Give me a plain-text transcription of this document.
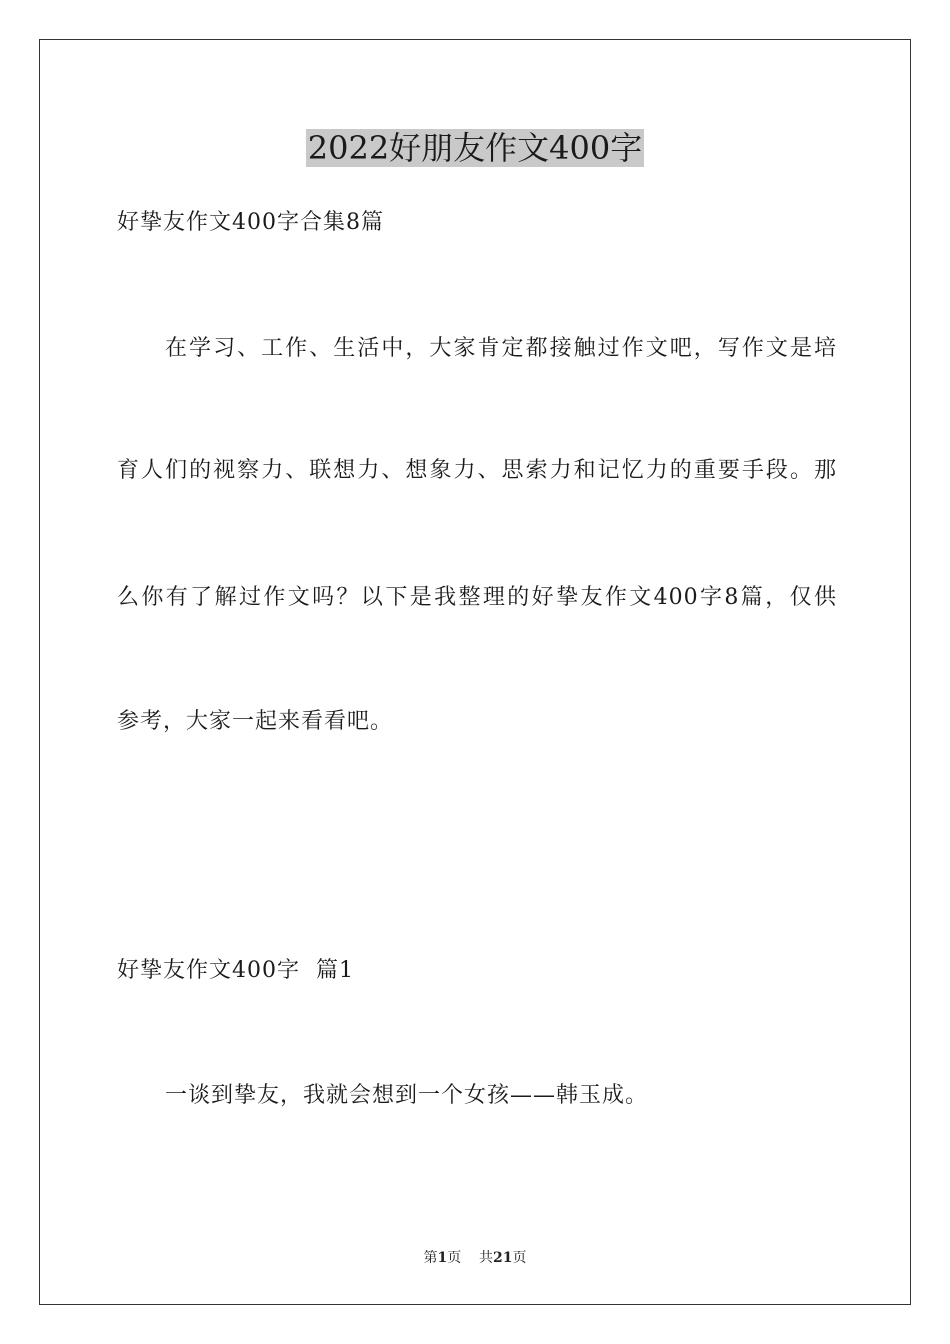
2022好朋友作文400字

好挚友作文400字合集8篇

在学习、工作、生活中，大家肯定都接触过作文吧，写作文是培

育人们的视察力、联想力、想象力、思索力和记忆力的重要手段。那

么你有了解过作文吗？以下是我整理的好挚友作文400字8篇，仅供

参考，大家一起来看看吧。

好挚友作文400字  篇1

一谈到挚友，我就会想到一个女孩——韩玉成。

第1页 共21页
